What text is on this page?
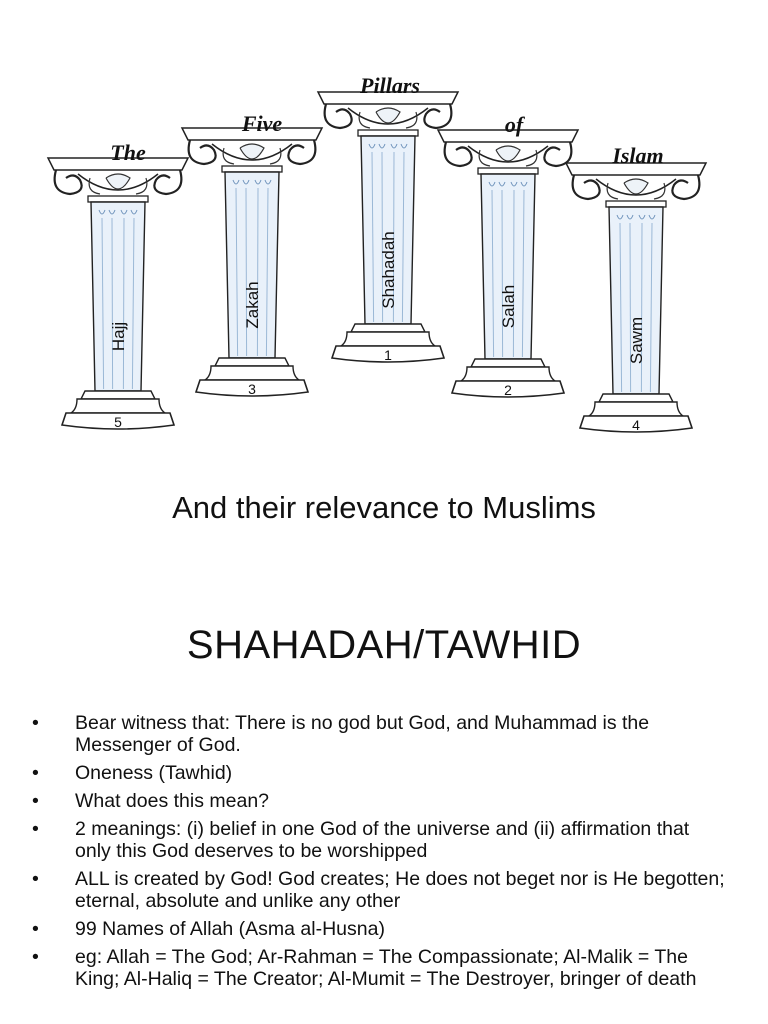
Hajj
5
The
Zakah
3
Five
Shahadah
1
Pillars
Salah
2
of
Sawm
4
Islam
And their relevance to Muslims
SHAHADAH/TAWHID
• Bear witness that: There is no god but God, and Muhammad is the Messenger of God.
• Oneness (Tawhid)
• What does this mean?
• 2 meanings: (i) belief in one God of the universe and (ii) affirmation that only this God deserves to be worshipped
• ALL is created by God! God creates; He does not beget nor is He begotten; eternal, absolute and unlike any other
• 99 Names of Allah (Asma al-Husna)
• eg: Allah = The God; Ar-Rahman = The Compassionate; Al-Malik = The King; Al-Haliq = The Creator; Al-Mumit = The Destroyer, bringer of death
